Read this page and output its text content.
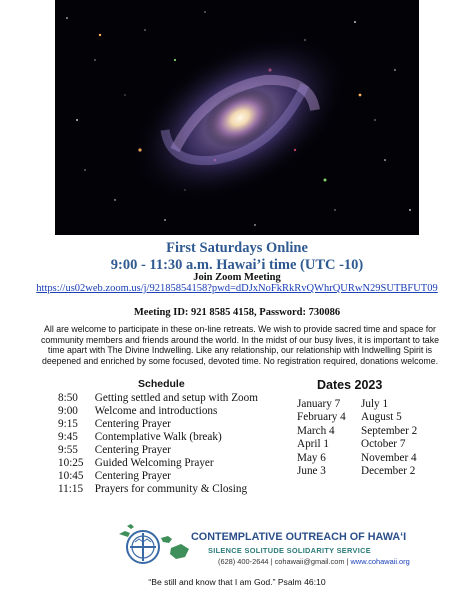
First Saturdays Online
9:00 - 11:30 a.m. Hawai’i time (UTC -10)
Join Zoom Meeting
https://us02web.zoom.us/j/92185854158?pwd=dDJxNoFkRkRvQWhrQURwN29SUTBFUT09
Meeting ID: 921 8585 4158, Password: 730086
All are welcome to participate in these on-line retreats. We wish to provide sacred time and space for community members and friends around the world. In the midst of our busy lives, it is important to take time apart with The Divine Indwelling. Like any relationship, our relationship with Indwelling Spirit is deepened and enriched by some focused, devoted time. No registration required, donations welcome.
Schedule
8:50 Getting settled and setup with Zoom
9:00 Welcome and introductions
9:15 Centering Prayer
9:45 Contemplative Walk (break)
9:55 Centering Prayer
10:25 Guided Welcoming Prayer
10:45 Centering Prayer
11:15 Prayers for community & Closing
Dates 2023
January 7
February 4
March 4
April 1
May 6
June 3
July 1
August 5
September 2
October 7
November 4
December 2
CONTEMPLATIVE OUTREACH OF HAWAʻI
SILENCE SOLITUDE SOLIDARITY SERVICE
(628) 400-2644 | cohawaii@gmail.com | www.cohawaii.org
“Be still and know that I am God.” Psalm 46:10
